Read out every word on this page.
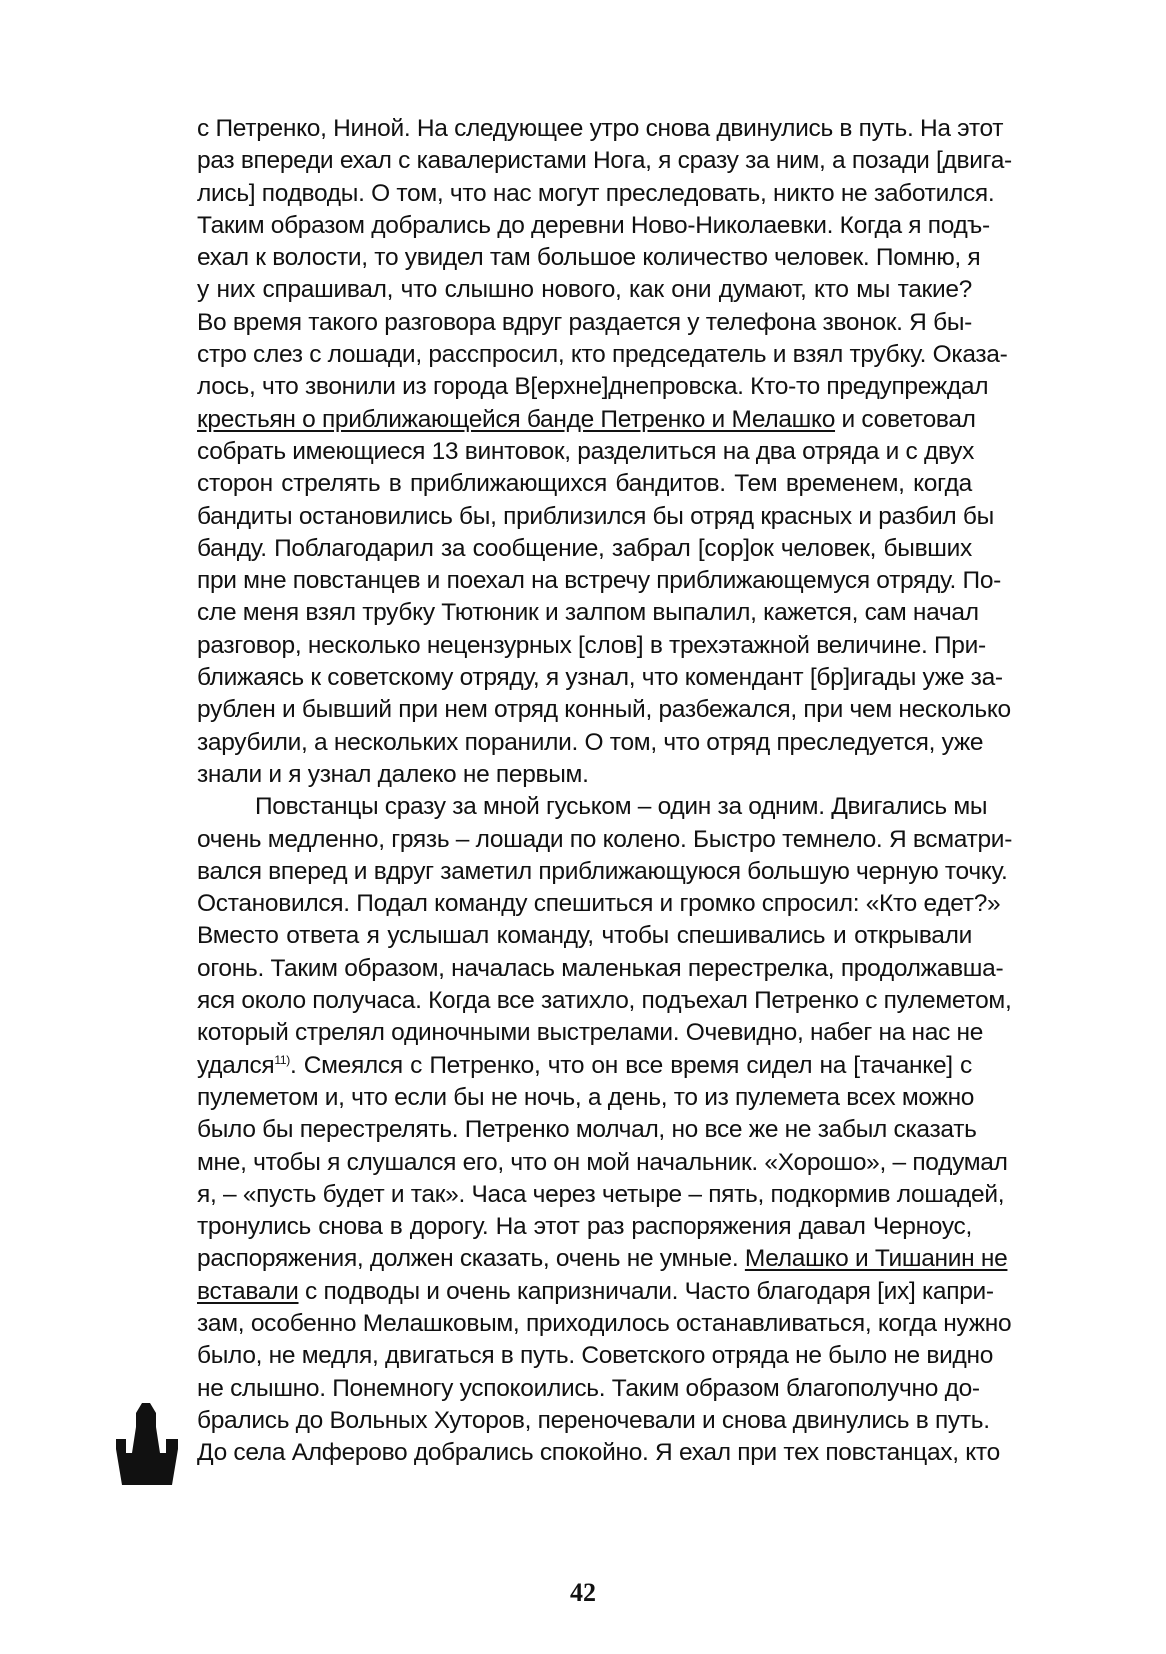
с Петренко, Ниной. На следующее утро снова двинулись в путь. На этот
раз впереди ехал с кавалеристами Нога, я сразу за ним, а позади [двига-
лись] подводы. О том, что нас могут преследовать, никто не заботился.
Таким образом добрались до деревни Ново-Николаевки. Когда я подъ-
ехал к волости, то увидел там большое количество человек. Помню, я
у них спрашивал, что слышно нового, как они думают, кто мы такие?
Во время такого разговора вдруг раздается у телефона звонок. Я бы-
стро слез с лошади, расспросил, кто председатель и взял трубку. Оказа-
лось, что звонили из города В[ерхне]днепровска. Кто-то предупреждал
крестьян о приближающейся банде Петренко и Мелашко и советовал
собрать имеющиеся 13 винтовок, разделиться на два отряда и с двух
сторон стрелять в приближающихся бандитов. Тем временем, когда
бандиты остановились бы, приблизился бы отряд красных и разбил бы
банду. Поблагодарил за сообщение, забрал [сор]ок человек, бывших
при мне повстанцев и поехал на встречу приближающемуся отряду. По-
сле меня взял трубку Тютюник и залпом выпалил, кажется, сам начал
разговор, несколько нецензурных [слов] в трехэтажной величине. При-
ближаясь к советскому отряду, я узнал, что комендант [бр]игады уже за-
рублен и бывший при нем отряд конный, разбежался, при чем несколько
зарубили, а нескольких поранили. О том, что отряд преследуется, уже
знали и я узнал далеко не первым.
Повстанцы сразу за мной гуськом – один за одним. Двигались мы
очень медленно, грязь – лошади по колено. Быстро темнело. Я всматри-
вался вперед и вдруг заметил приближающуюся большую черную точку.
Остановился. Подал команду спешиться и громко спросил: «Кто едет?»
Вместо ответа я услышал команду, чтобы спешивались и открывали
огонь. Таким образом, началась маленькая перестрелка, продолжавша-
яся около получаса. Когда все затихло, подъехал Петренко с пулеметом,
который стрелял одиночными выстрелами. Очевидно, набег на нас не
удался$^{11)}$. Смеялся с Петренко, что он все время сидел на [тачанке] с
пулеметом и, что если бы не ночь, а день, то из пулемета всех можно
было бы перестрелять. Петренко молчал, но все же не забыл сказать
мне, чтобы я слушался его, что он мой начальник. «Хорошо», – подумал
я, – «пусть будет и так». Часа через четыре – пять, подкормив лошадей,
тронулись снова в дорогу. На этот раз распоряжения давал Черноус,
распоряжения, должен сказать, очень не умные. Мелашко и Тишанин не
вставали с подводы и очень капризничали. Часто благодаря [их] капри-
зам, особенно Мелашковым, приходилось останавливаться, когда нужно
было, не медля, двигаться в путь. Советского отряда не было не видно
не слышно. Понемногу успокоились. Таким образом благополучно до-
брались до Вольных Хуторов, переночевали и снова двинулись в путь.
До села Алферово добрались спокойно. Я ехал при тех повстанцах, кто
42
